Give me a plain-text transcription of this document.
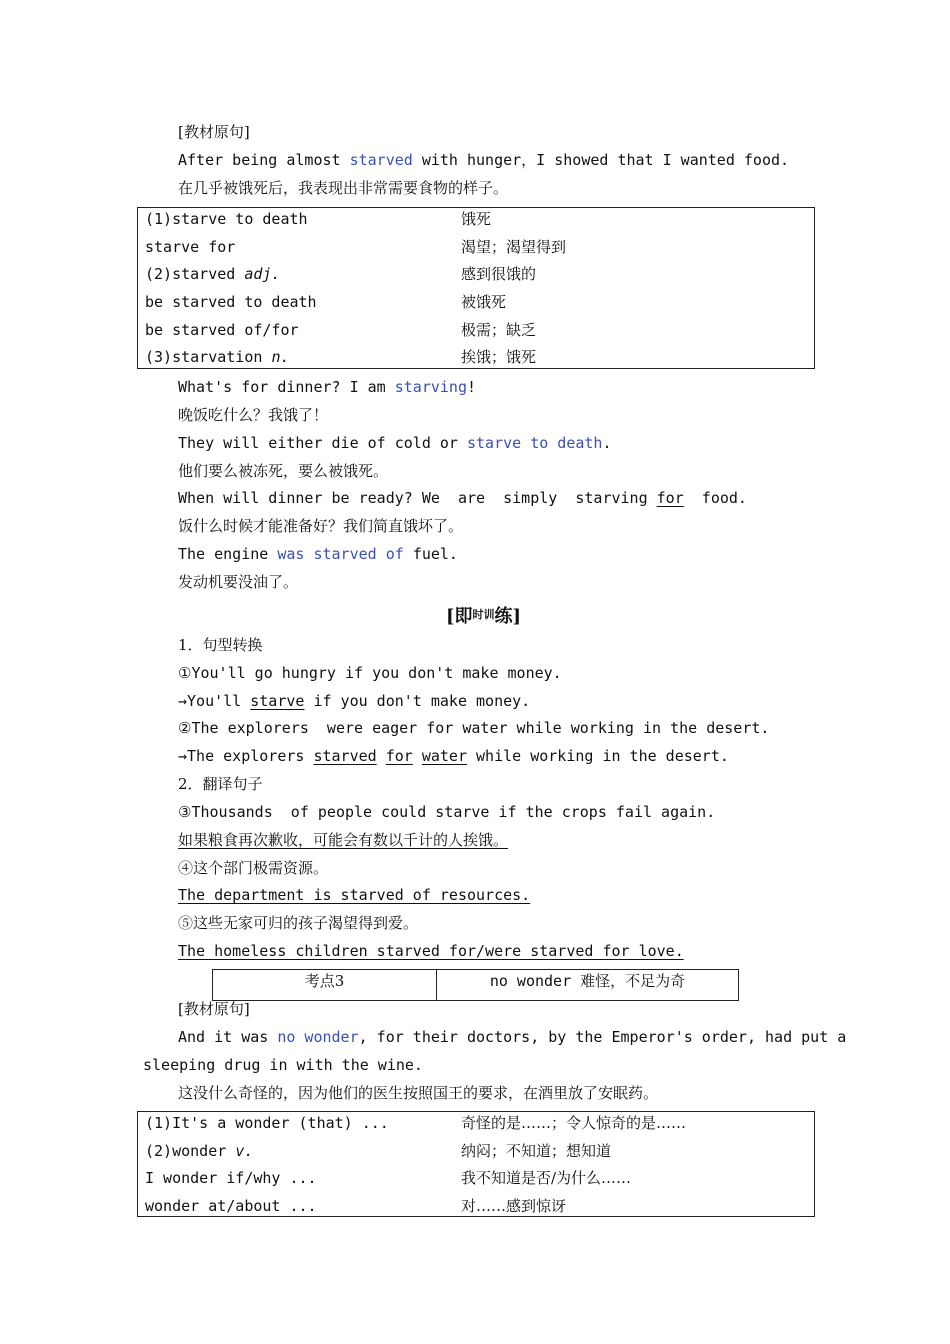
[教材原句]
After being almost starved with hunger，I showed that I wanted food.
在几乎被饿死后，我表现出非常需要食物的样子。
(1)starve to death	饿死
starve for	渴望；渴望得到
(2)starved adj.	感到很饿的
be starved to death	被饿死
be starved of/for	极需；缺乏
(3)starvation n.	挨饿；饿死
What's for dinner? I am starving!
晚饭吃什么？我饿了！
They will either die of cold or starve to death.
他们要么被冻死，要么被饿死。
When will dinner be ready? We  are  simply  starving for  food.
饭什么时候才能准备好？我们简直饿坏了。
The engine was starved of fuel.
发动机要没油了。
[即$^{时训}$练]
1．句型转换
①You'll go hungry if you don't make money.
→You'll starve if you don't make money.
②The explorers  were eager for water while working in the desert.
→The explorers starved for water while working in the desert.
2．翻译句子
③Thousands  of people could starve if the crops fail again.
如果粮食再次歉收，可能会有数以千计的人挨饿。
④这个部门极需资源。
The department is starved of resources.
⑤这些无家可归的孩子渴望得到爱。
The homeless children starved for/were starved for love.
考点3	no wonder 难怪，不足为奇
[教材原句]
And it was no wonder, for their doctors, by the Emperor's order, had put a
sleeping drug in with the wine.
这没什么奇怪的，因为他们的医生按照国王的要求，在酒里放了安眠药。
(1)It's a wonder (that) ...	奇怪的是……；令人惊奇的是……
(2)wonder v.	纳闷；不知道；想知道
I wonder if/why ...	我不知道是否/为什么……
wonder at/about ...	对……感到惊讶
